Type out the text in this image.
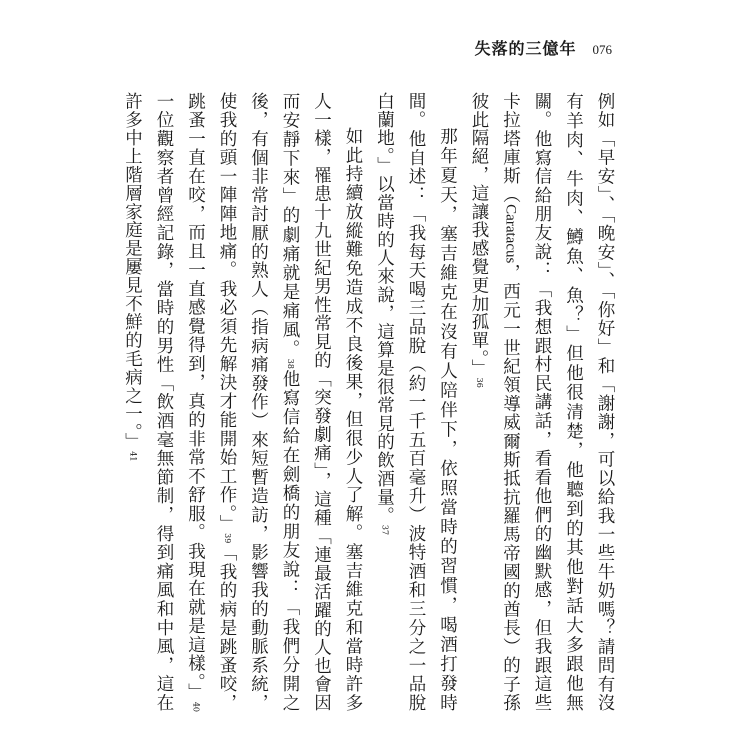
失落的三億年 076

例如「早安」、「晚安」、「你好」和「謝謝，可以給我一些牛奶嗎？請問有沒有羊肉、牛肉、鱒魚、魚？」但他很清楚，他聽到的其他對話大多跟他無關。他寫信給朋友說：「我想跟村民講話，看看他們的幽默感，但我跟這些卡拉塔庫斯（Caratacus，西元一世紀領導威爾斯抵抗羅馬帝國的酋長）的子孫彼此隔絕，這讓我感覺更加孤單。」36

那年夏天，塞吉維克在沒有人陪伴下，依照當時的習慣，喝酒打發時間。他自述：「我每天喝三品脫（約一千五百毫升）波特酒和三分之一品脫白蘭地。」以當時的人來說，這算是很常見的飲酒量。37

如此持續放縱難免造成不良後果，但很少人了解。塞吉維克和當時許多人一樣，罹患十九世紀男性常見的「突發劇痛」，這種「連最活躍的人也會因而安靜下來」的劇痛就是痛風。38他寫信給在劍橋的朋友說：「我們分開之後，有個非常討厭的熟人（指病痛發作）來短暫造訪，影響我的動脈系統，使我的頭一陣陣地痛。我必須先解決才能開始工作。」39「我的病是跳蚤咬，跳蚤一直在咬，而且一直感覺得到，真的非常不舒服。我現在就是這樣。」40一位觀察者曾經記錄，當時的男性「飲酒毫無節制，得到痛風和中風，這在許多中上階層家庭是屢見不鮮的毛病之一。」41
